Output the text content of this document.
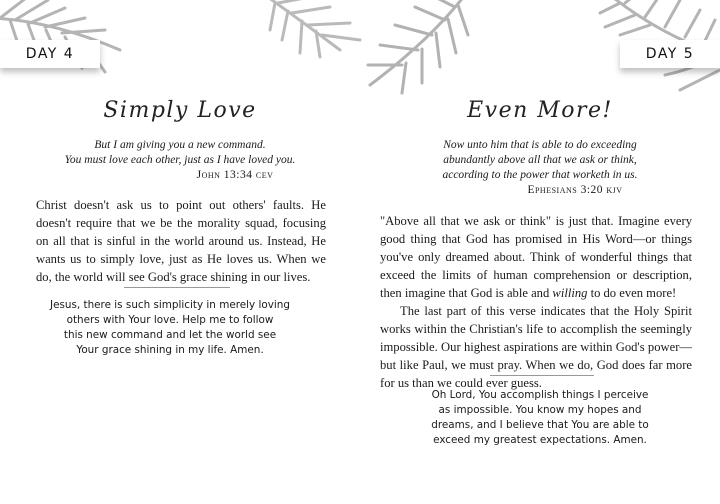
DAY 4
Simply Love
But I am giving you a new command.
You must love each other, just as I have loved you.
John 13:34 cev

Christ doesn't ask us to point out others' faults. He doesn't require that we be the morality squad, focusing on all that is sinful in the world around us. Instead, He wants us to simply love, just as He loves us. When we do, the world will see God's grace shining in our lives.

Jesus, there is such simplicity in merely loving
others with Your love. Help me to follow
this new command and let the world see
Your grace shining in my life. Amen.
DAY 5
Even More!
Now unto him that is able to do exceeding
abundantly above all that we ask or think,
according to the power that worketh in us.
Ephesians 3:20 kjv

"Above all that we ask or think" is just that. Imagine every good thing that God has promised in His Word—or things you've only dreamed about. Think of wonderful things that exceed the limits of human comprehension or description, then imagine that God is able and willing to do even more!

The last part of this verse indicates that the Holy Spirit works within the Christian's life to accomplish the seemingly impossible. Our highest aspirations are within God's power—but like Paul, we must pray. When we do, God does far more for us than we could ever guess.

Oh Lord, You accomplish things I perceive
as impossible. You know my hopes and
dreams, and I believe that You are able to
exceed my greatest expectations. Amen.
